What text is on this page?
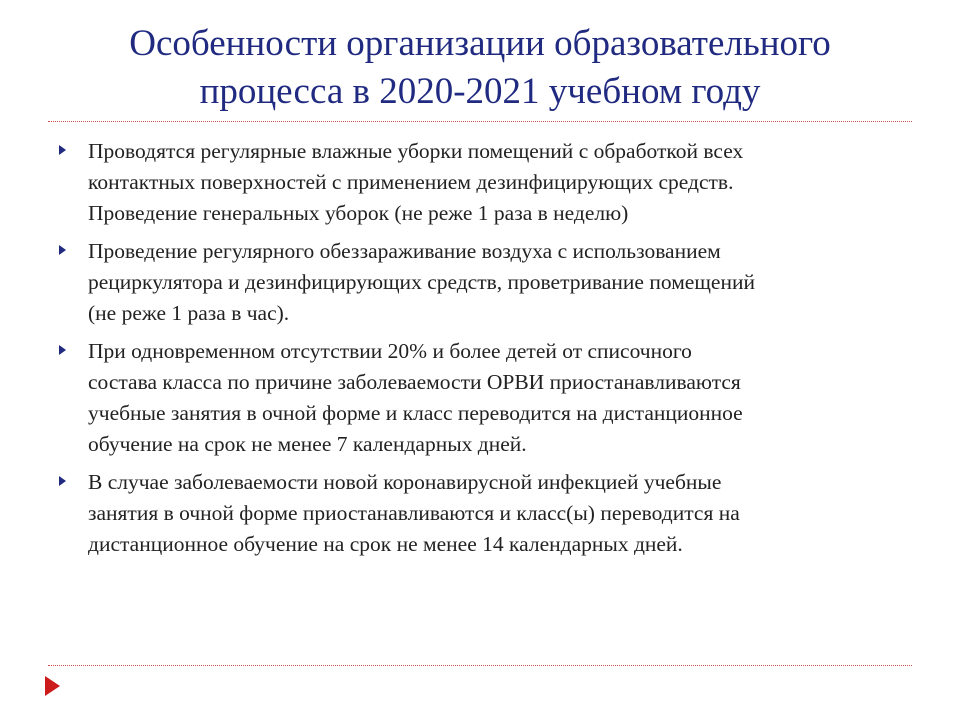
Особенности организации образовательного
процесса в 2020-2021 учебном году
Проводятся регулярные влажные уборки помещений с обработкой всех
контактных поверхностей с применением дезинфицирующих средств.
Проведение генеральных уборок (не реже 1 раза в неделю)
Проведение регулярного обеззараживание воздуха с использованием
рециркулятора и дезинфицирующих средств, проветривание помещений
(не реже 1 раза в час).
При одновременном отсутствии 20% и более детей от списочного
состава класса по причине заболеваемости ОРВИ приостанавливаются
учебные занятия в очной форме и класс переводится на дистанционное
обучение на срок не менее 7 календарных дней.
В случае заболеваемости новой коронавирусной инфекцией учебные
занятия в очной форме приостанавливаются и класс(ы) переводится на
дистанционное обучение на срок не менее 14 календарных дней.
